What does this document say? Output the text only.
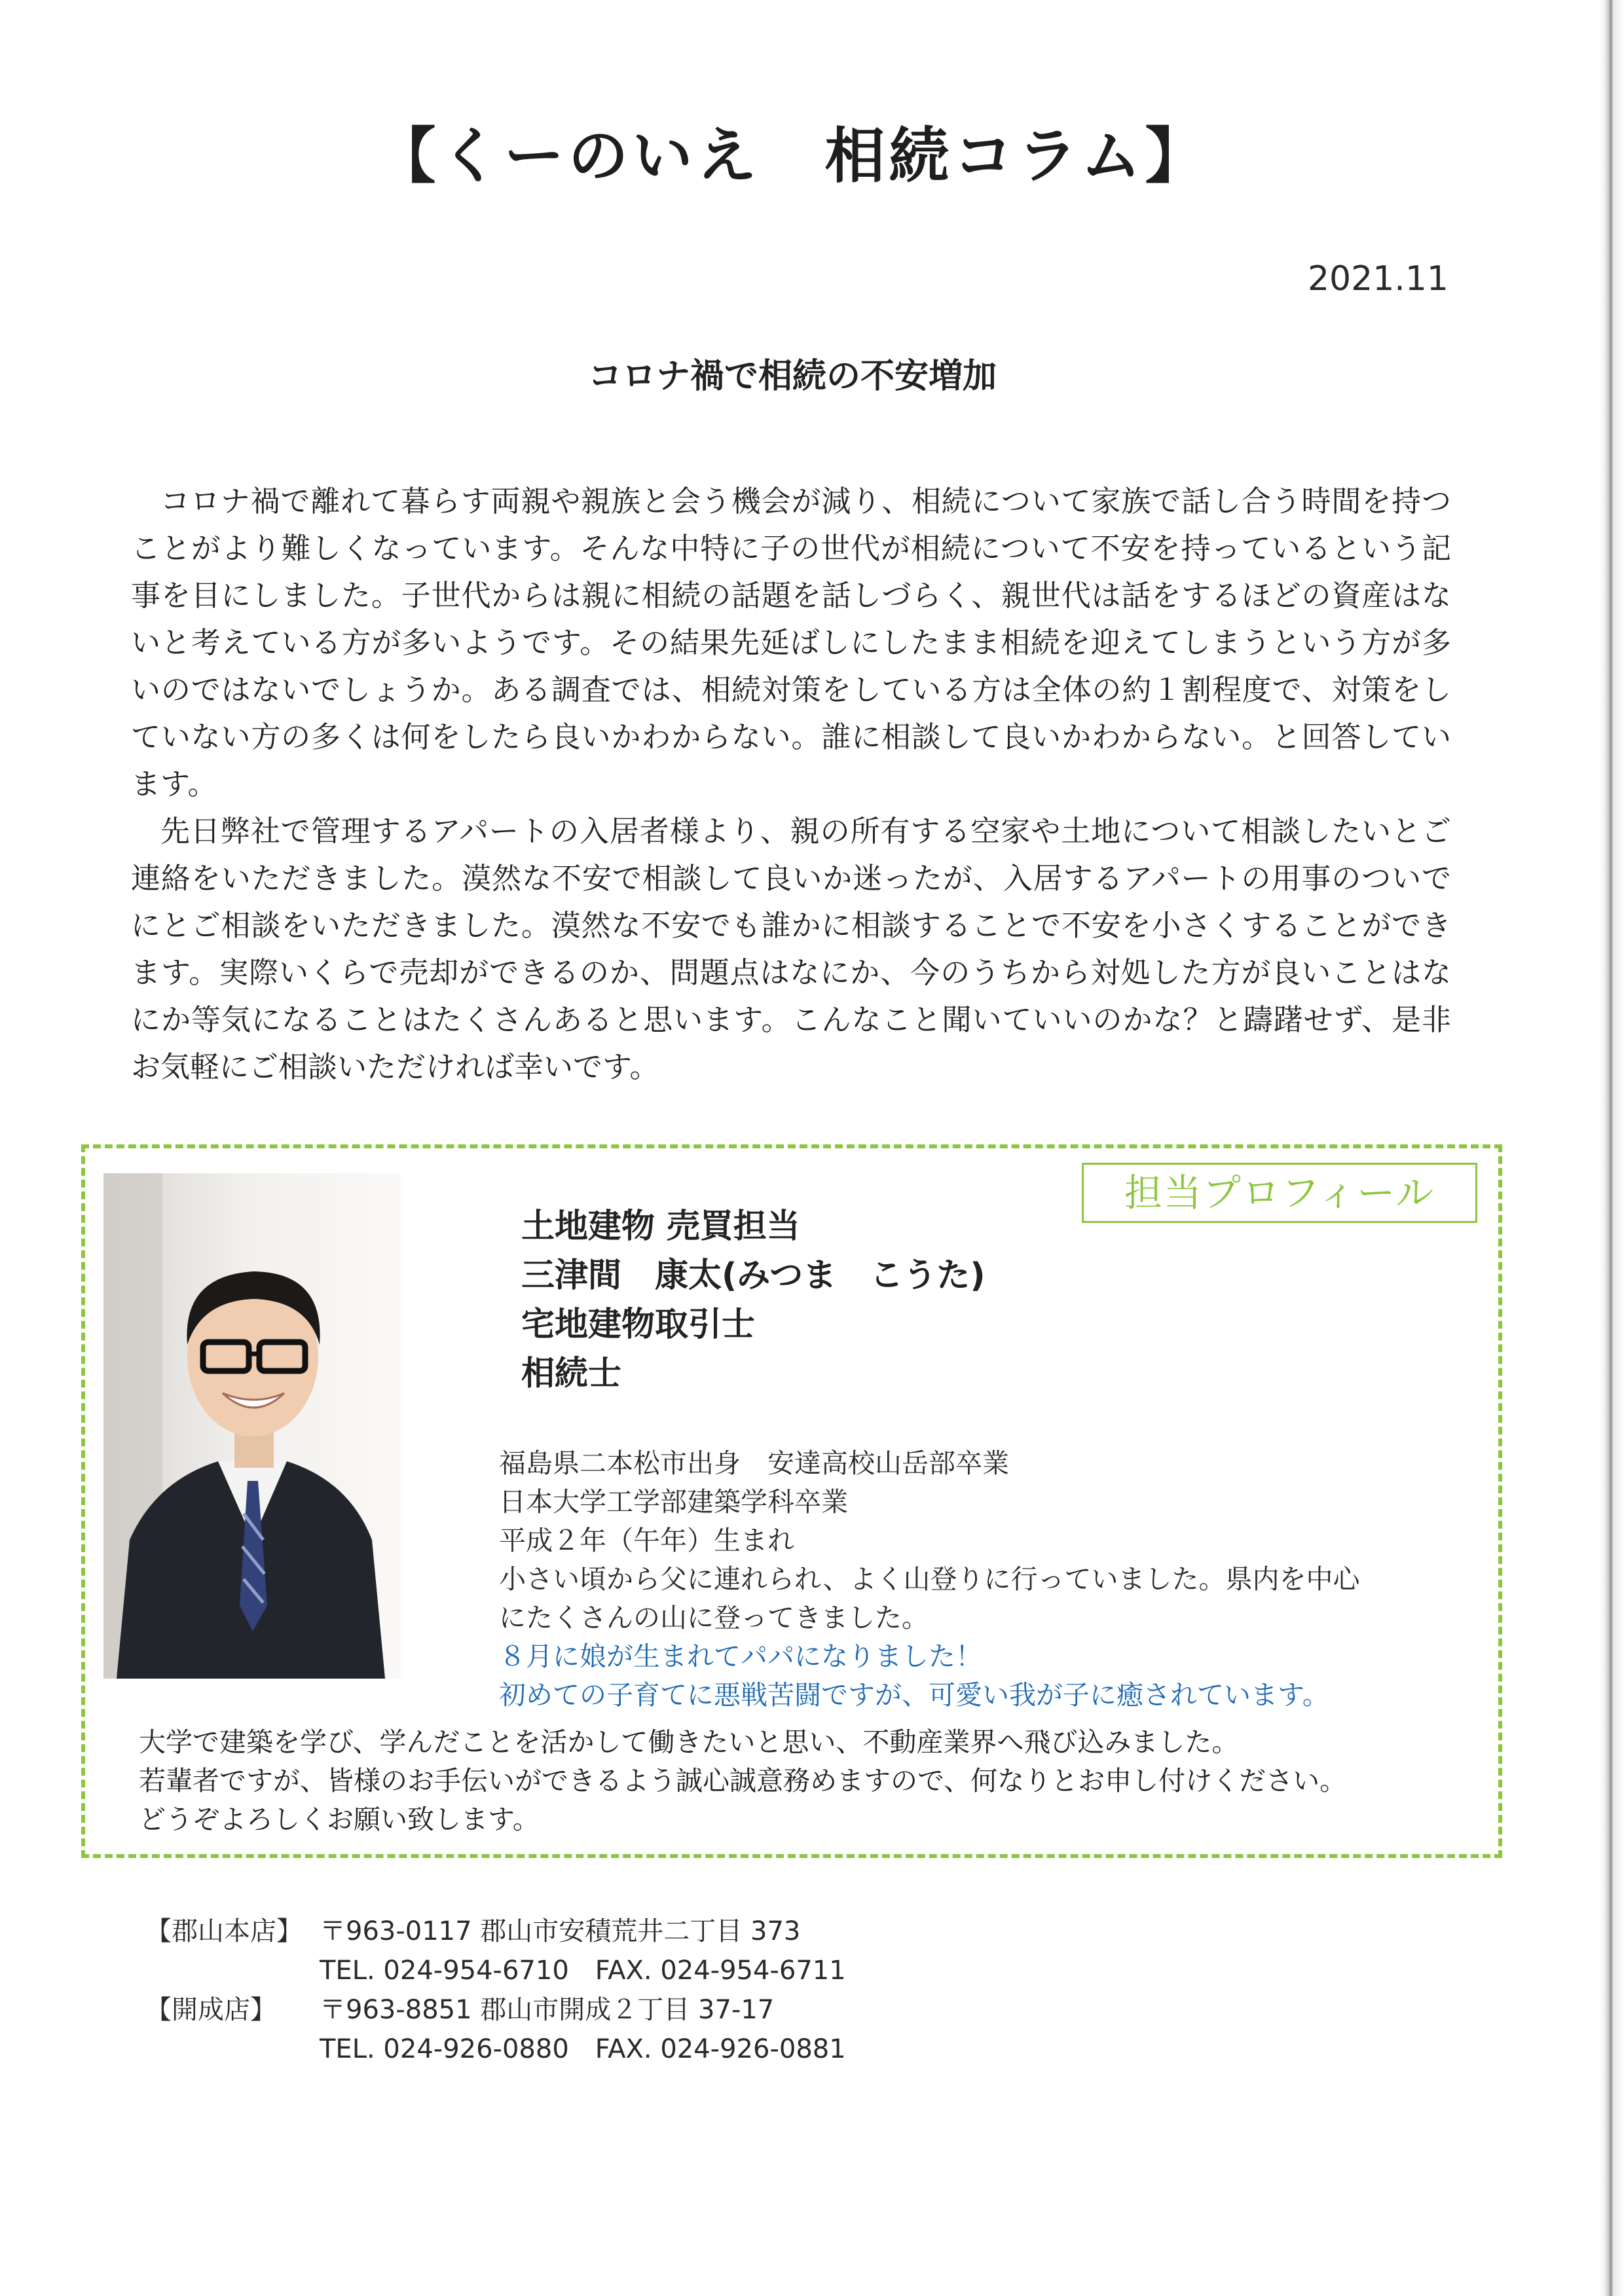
【くーのいえ　相続コラム】
2021.11
コロナ禍で相続の不安増加

コロナ禍で離れて暮らす両親や親族と会う機会が減り、相続について家族で話し合う時間を持つことがより難しくなっています。そんな中特に子の世代が相続について不安を持っているという記事を目にしました。子世代からは親に相続の話題を話しづらく、親世代は話をするほどの資産はないと考えている方が多いようです。その結果先延ばしにしたまま相続を迎えてしまうという方が多いのではないでしょうか。ある調査では、相続対策をしている方は全体の約１割程度で、対策をしていない方の多くは何をしたら良いかわからない。誰に相談して良いかわからない。と回答しています。

先日弊社で管理するアパートの入居者様より、親の所有する空家や土地について相談したいとご連絡をいただきました。漠然な不安で相談して良いか迷ったが、入居するアパートの用事のついでにとご相談をいただきました。漠然な不安でも誰かに相談することで不安を小さくすることができます。実際いくらで売却ができるのか、問題点はなにか、今のうちから対処した方が良いことはなにか等気になることはたくさんあると思います。こんなこと聞いていいのかな？と躊躇せず、是非お気軽にご相談いただければ幸いです。

担当プロフィール
土地建物 売買担当
三津間　康太(みつま　こうた)
宅地建物取引士
相続士
福島県二本松市出身　安達高校山岳部卒業
日本大学工学部建築学科卒業
平成２年（午年）生まれ
小さい頃から父に連れられ、よく山登りに行っていました。県内を中心
にたくさんの山に登ってきました。
８月に娘が生まれてパパになりました！
初めての子育てに悪戦苦闘ですが、可愛い我が子に癒されています。
大学で建築を学び、学んだことを活かして働きたいと思い、不動産業界へ飛び込みました。
若輩者ですが、皆様のお手伝いができるよう誠心誠意務めますので、何なりとお申し付けください。
どうぞよろしくお願い致します。
【郡山本店】 〒963-0117 郡山市安積荒井二丁目 373
TEL. 024-954-6710　FAX. 024-954-6711
【開成店】	〒963-8851 郡山市開成２丁目 37-17
TEL. 024-926-0880　FAX. 024-926-0881
